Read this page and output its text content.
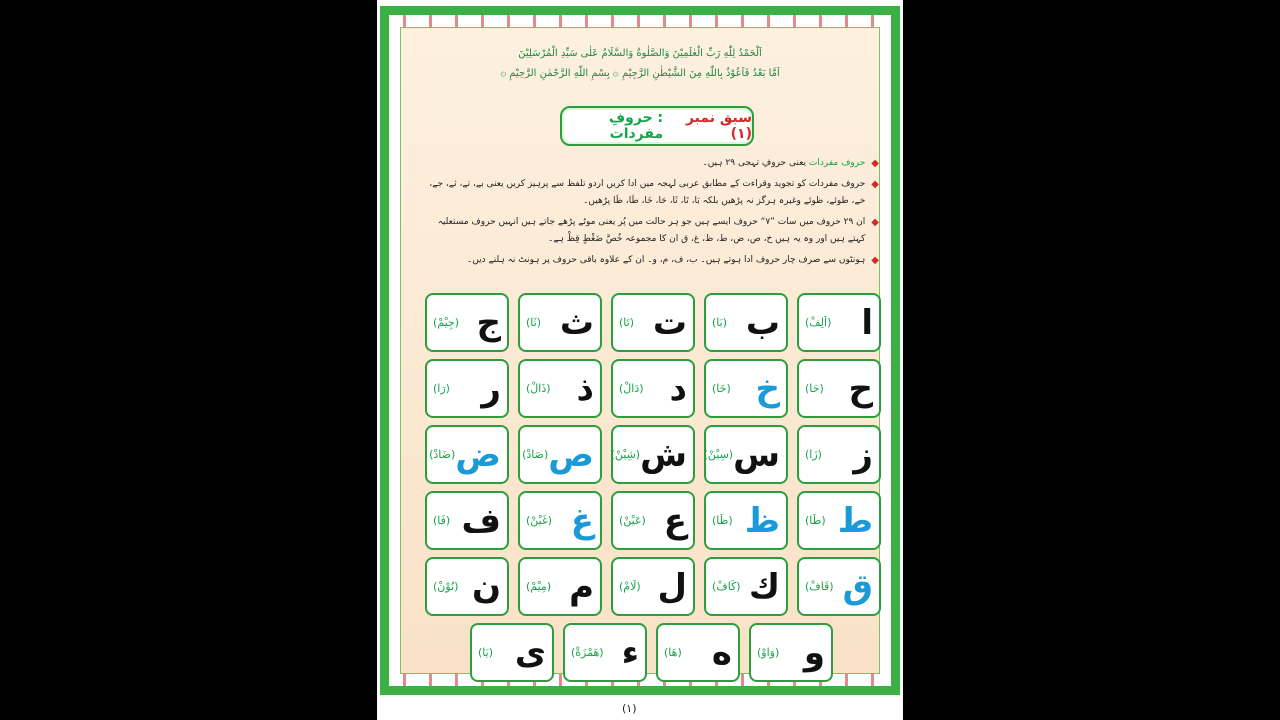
اَلْحَمْدُ لِلّٰهِ رَبِّ الْعٰلَمِيْنَ وَالصَّلٰوةُ وَالسَّلَامُ عَلٰى سَيِّدِ الْمُرْسَلِيْنَ
اَمَّا بَعْدُ فَاَعُوْذُ بِاللّٰهِ مِنَ الشَّيْطٰنِ الرَّجِيْمِ ۞ بِسْمِ اللّٰهِ الرَّحْمٰنِ الرَّحِيْمِ ۞
سبق نمبر (۱)
: حروفِ مفردات
◆
حروف مفردات یعنی حروفِ تہجی ۲۹ ہیں۔
◆
حروف مفردات کو تجوید وقراءت کے مطابق عربی لہجہ میں ادا کریں اردو تلفظ سے پرہیز کریں یعنی بے، تے، ثے، جے، خے، طوئے، ظوئے وغیرہ ہرگز نہ پڑھیں بلکہ بَا، تَا، ثَا، حَا، خَا، طَا، ظَا پڑھیں۔
◆
ان ۲۹ حروف میں سات ”۷“ حروف ایسے ہیں جو ہر حالت میں پُر یعنی موٹے پڑھے جاتے ہیں انہیں حروف مستعلیہ کہتے ہیں اور وہ یہ ہیں خ، ص، ض، ط، ظ، غ، ق ان کا مجموعہ خُصَّ ضَغْطٍ قِظْ ہے۔
◆
ہونٹوں سے صرف چار حروف ادا ہوتے ہیں۔ ب، ف، م، و۔ ان کے علاوہ باقی حروف پر ہونٹ نہ ہلنے دیں۔
ا
(اَلِفْ)
ب
(بَا)
ت
(تَا)
ث
(ثَا)
ج
(جِيْمْ)
ح
(حَا)
خ
(خَا)
د
(دَالْ)
ذ
(ذَالْ)
ر
(رَا)
ز
(زَا)
س
(سِيْنْ)
ش
(شِيْنْ)
ص
(صَادْ)
ض
(ضَادْ)
ط
(طَا)
ظ
(ظَا)
ع
(عَيْنْ)
غ
(غَيْنْ)
ف
(فَا)
ق
(قَافْ)
ك
(كَافْ)
ل
(لَامْ)
م
(مِيْمْ)
ن
(نُوْنْ)
و
(وَاوْ)
ه
(هَا)
ء
(هَمْزَةْ)
ى
(يَا)
(۱)
